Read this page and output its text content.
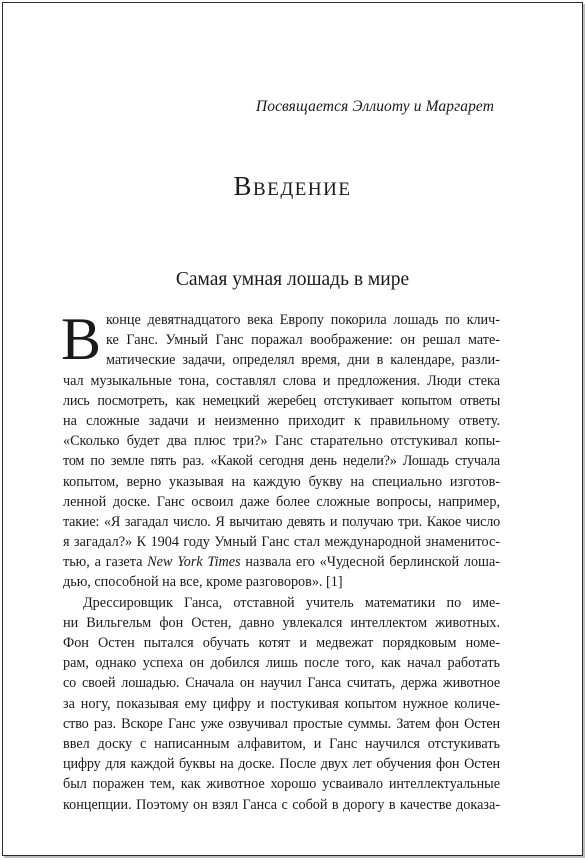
Посвящается Эллиоту и Маргарет
Введение
Самая умная лошадь в мире
В конце девятнадцатого века Европу покорила лошадь по клич-
ке Ганс. Умный Ганс поражал воображение: он решал мате-
матические задачи, определял время, дни в календаре, разли-
чал музыкальные тона, составлял слова и предложения. Люди стека
лись посмотреть, как немецкий жеребец отстукивает копытом ответы
на сложные задачи и неизменно приходит к правильному ответу.
«Сколько будет два плюс три?» Ганс старательно отстукивал копы-
том по земле пять раз. «Какой сегодня день недели?» Лошадь стучала
копытом, верно указывая на каждую букву на специально изготов-
ленной доске. Ганс освоил даже более сложные вопросы, например,
такие: «Я загадал число. Я вычитаю девять и получаю три. Какое число
я загадал?» К 1904 году Умный Ганс стал международной знаменитос-
тью, а газета New York Times назвала его «Чудесной берлинской лоша-
дью, способной на все, кроме разговоров». [1]
Дрессировщик Ганса, отставной учитель математики по име-
ни Вильгельм фон Остен, давно увлекался интеллектом животных.
Фон Остен пытался обучать котят и медвежат порядковым номе-
рам, однако успеха он добился лишь после того, как начал работать
со своей лошадью. Сначала он научил Ганса считать, держа животное
за ногу, показывая ему цифру и постукивая копытом нужное количе-
ство раз. Вскоре Ганс уже озвучивал простые суммы. Затем фон Остен
ввел доску с написанным алфавитом, и Ганс научился отстукивать
цифру для каждой буквы на доске. После двух лет обучения фон Остен
был поражен тем, как животное хорошо усваивало интеллектуальные
концепции. Поэтому он взял Ганса с собой в дорогу в качестве доказа-
